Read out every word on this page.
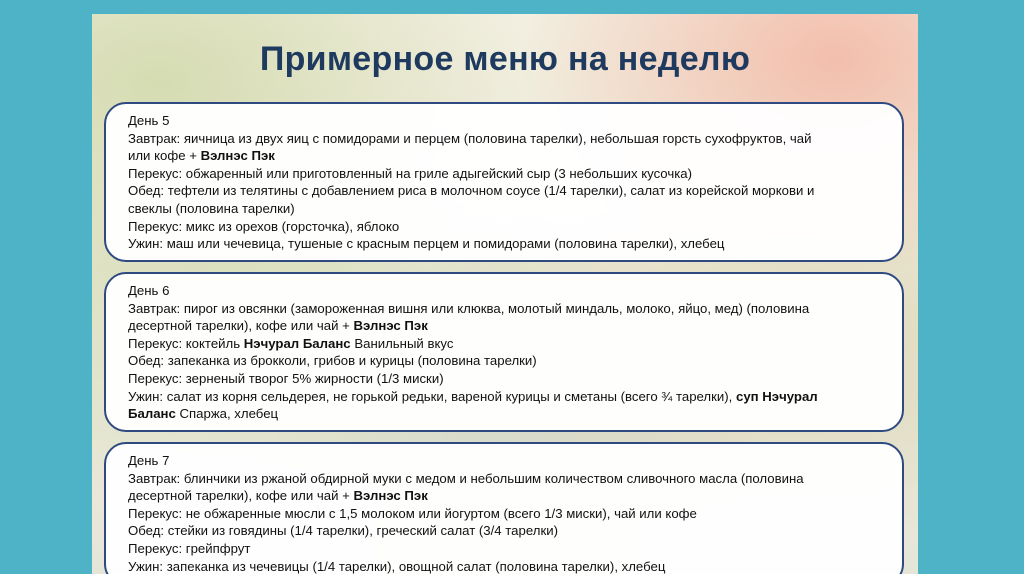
Примерное меню на неделю
День 5
Завтрак: яичница из двух яиц с помидорами и перцем (половина тарелки), небольшая горсть сухофруктов, чай
или кофе + Вэлнэс Пэк
Перекус: обжаренный или приготовленный на гриле адыгейский сыр (3 небольших кусочка)
Обед: тефтели из телятины с добавлением риса в молочном соусе (1/4 тарелки), салат из корейской моркови и
свеклы (половина тарелки)
Перекус: микс из орехов (горсточка), яблоко
Ужин: маш или чечевица, тушеные с красным перцем и помидорами (половина тарелки), хлебец
День 6
Завтрак: пирог из овсянки (замороженная вишня или клюква, молотый миндаль, молоко, яйцо, мед) (половина
десертной тарелки), кофе или чай + Вэлнэс Пэк
Перекус: коктейль Нэчурал Баланс Ванильный вкус
Обед: запеканка из брокколи, грибов и курицы (половина тарелки)
Перекус: зерненый творог 5% жирности (1/3 миски)
Ужин: салат из корня сельдерея, не горькой редьки, вареной курицы и сметаны (всего ¾ тарелки), суп Нэчурал
Баланс Спаржа, хлебец
День 7
Завтрак: блинчики из ржаной обдирной муки с медом и небольшим количеством сливочного масла (половина
десертной тарелки), кофе или чай + Вэлнэс Пэк
Перекус: не обжаренные мюсли с 1,5 молоком или йогуртом (всего 1/3 миски), чай или кофе
Обед: стейки из говядины (1/4 тарелки), греческий салат (3/4 тарелки)
Перекус: грейпфрут
Ужин: запеканка из чечевицы (1/4 тарелки), овощной салат (половина тарелки), хлебец
